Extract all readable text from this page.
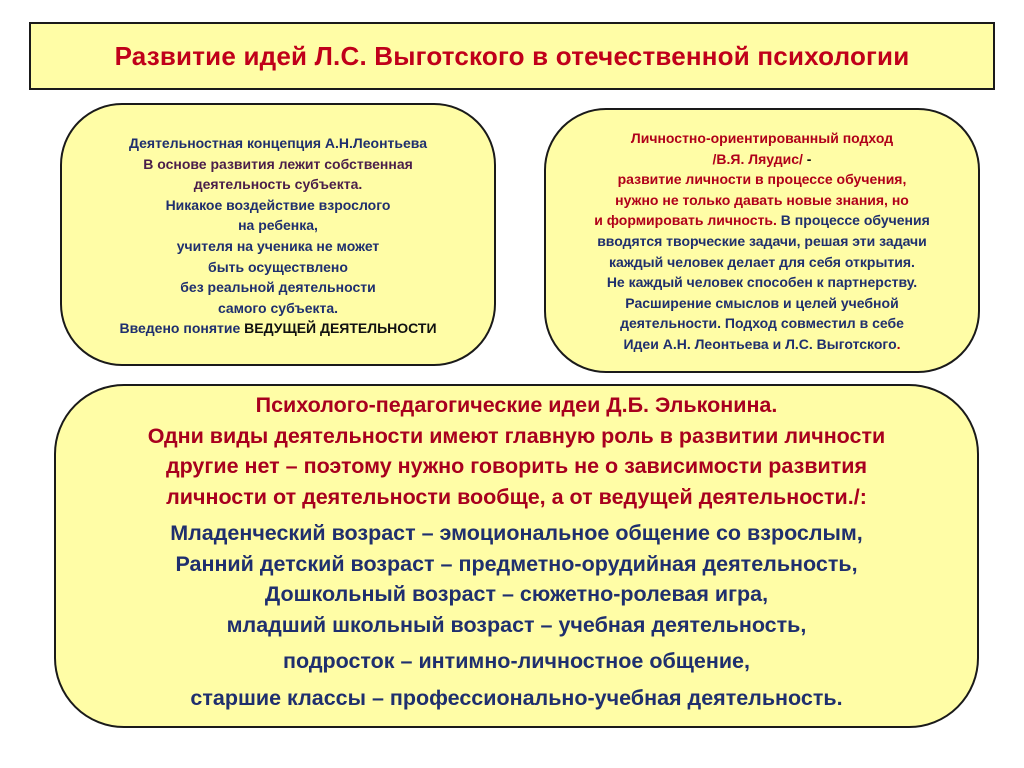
Развитие идей Л.С. Выготского в отечественной психологии
Деятельностная концепция А.Н.Леонтьева
В основе развития лежит собственная
деятельность субъекта.
Никакое воздействие взрослого
на ребенка,
учителя на ученика не может
быть осуществлено
без реальной деятельности
самого субъекта.
Введено понятие ВЕДУЩЕЙ ДЕЯТЕЛЬНОСТИ
Личностно-ориентированный подход
/В.Я. Ляудис/ -
развитие личности в процессе обучения,
нужно не только давать новые знания, но
и формировать личность. В процессе обучения
вводятся творческие задачи, решая эти задачи
каждый человек делает для себя открытия.
Не каждый человек способен к партнерству.
Расширение смыслов и целей учебной
деятельности. Подход совместил в себе
Идеи А.Н. Леонтьева и Л.С. Выготского.
Психолого-педагогические идеи Д.Б. Эльконина.
Одни виды деятельности имеют главную роль в развитии личности
другие нет – поэтому нужно говорить не о зависимости развития
личности от деятельности вообще, а от ведущей деятельности./:
Младенческий возраст – эмоциональное общение со взрослым,
Ранний детский возраст – предметно-орудийная деятельность,
Дошкольный возраст – сюжетно-ролевая игра,
младший школьный возраст – учебная деятельность,
подросток – интимно-личностное общение,
старшие классы – профессионально-учебная деятельность.
